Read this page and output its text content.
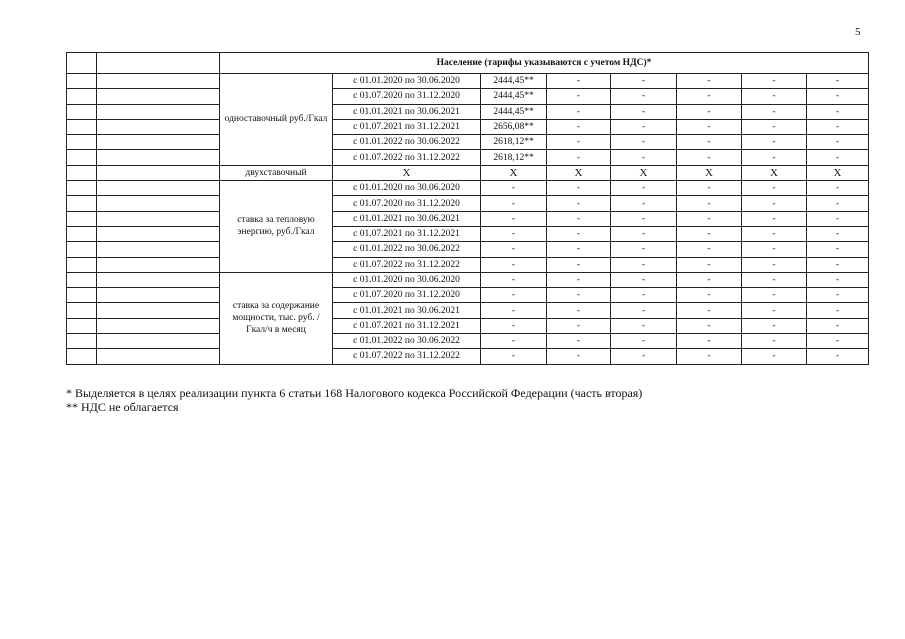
5
		Население (тарифы указываются с учетом НДС)*							
		одноставочный руб./Гкал	с 01.01.2020 по 30.06.2020	2444,45**	-	-	-	-	-
			с 01.07.2020 по 31.12.2020	2444,45**	-	-	-	-	-
			с 01.01.2021 по 30.06.2021	2444,45**	-	-	-	-	-
			с 01.07.2021 по 31.12.2021	2656,08**	-	-	-	-	-
			с 01.01.2022 по 30.06.2022	2618,12**	-	-	-	-	-
			с 01.07.2022 по 31.12.2022	2618,12**	-	-	-	-	-
		двухставочный	X	X	X	X	X	X	X
		ставка за тепловую энергию, руб./Гкал	с 01.01.2020 по 30.06.2020	-	-	-	-	-	-
			с 01.07.2020 по 31.12.2020	-	-	-	-	-	-
			с 01.01.2021 по 30.06.2021	-	-	-	-	-	-
			с 01.07.2021 по 31.12.2021	-	-	-	-	-	-
			с 01.01.2022 по 30.06.2022	-	-	-	-	-	-
			с 01.07.2022 по 31.12.2022	-	-	-	-	-	-
		ставка за содержание мощности, тыс. руб. /Гкал/ч в месяц	с 01.01.2020 по 30.06.2020	-	-	-	-	-	-
			с 01.07.2020 по 31.12.2020	-	-	-	-	-	-
			с 01.01.2021 по 30.06.2021	-	-	-	-	-	-
			с 01.07.2021 по 31.12.2021	-	-	-	-	-	-
			с 01.01.2022 по 30.06.2022	-	-	-	-	-	-
			с 01.07.2022 по 31.12.2022	-	-	-	-	-	-
* Выделяется в целях реализации пункта 6 статьи 168 Налогового кодекса Российской Федерации (часть вторая)
** НДС не облагается
